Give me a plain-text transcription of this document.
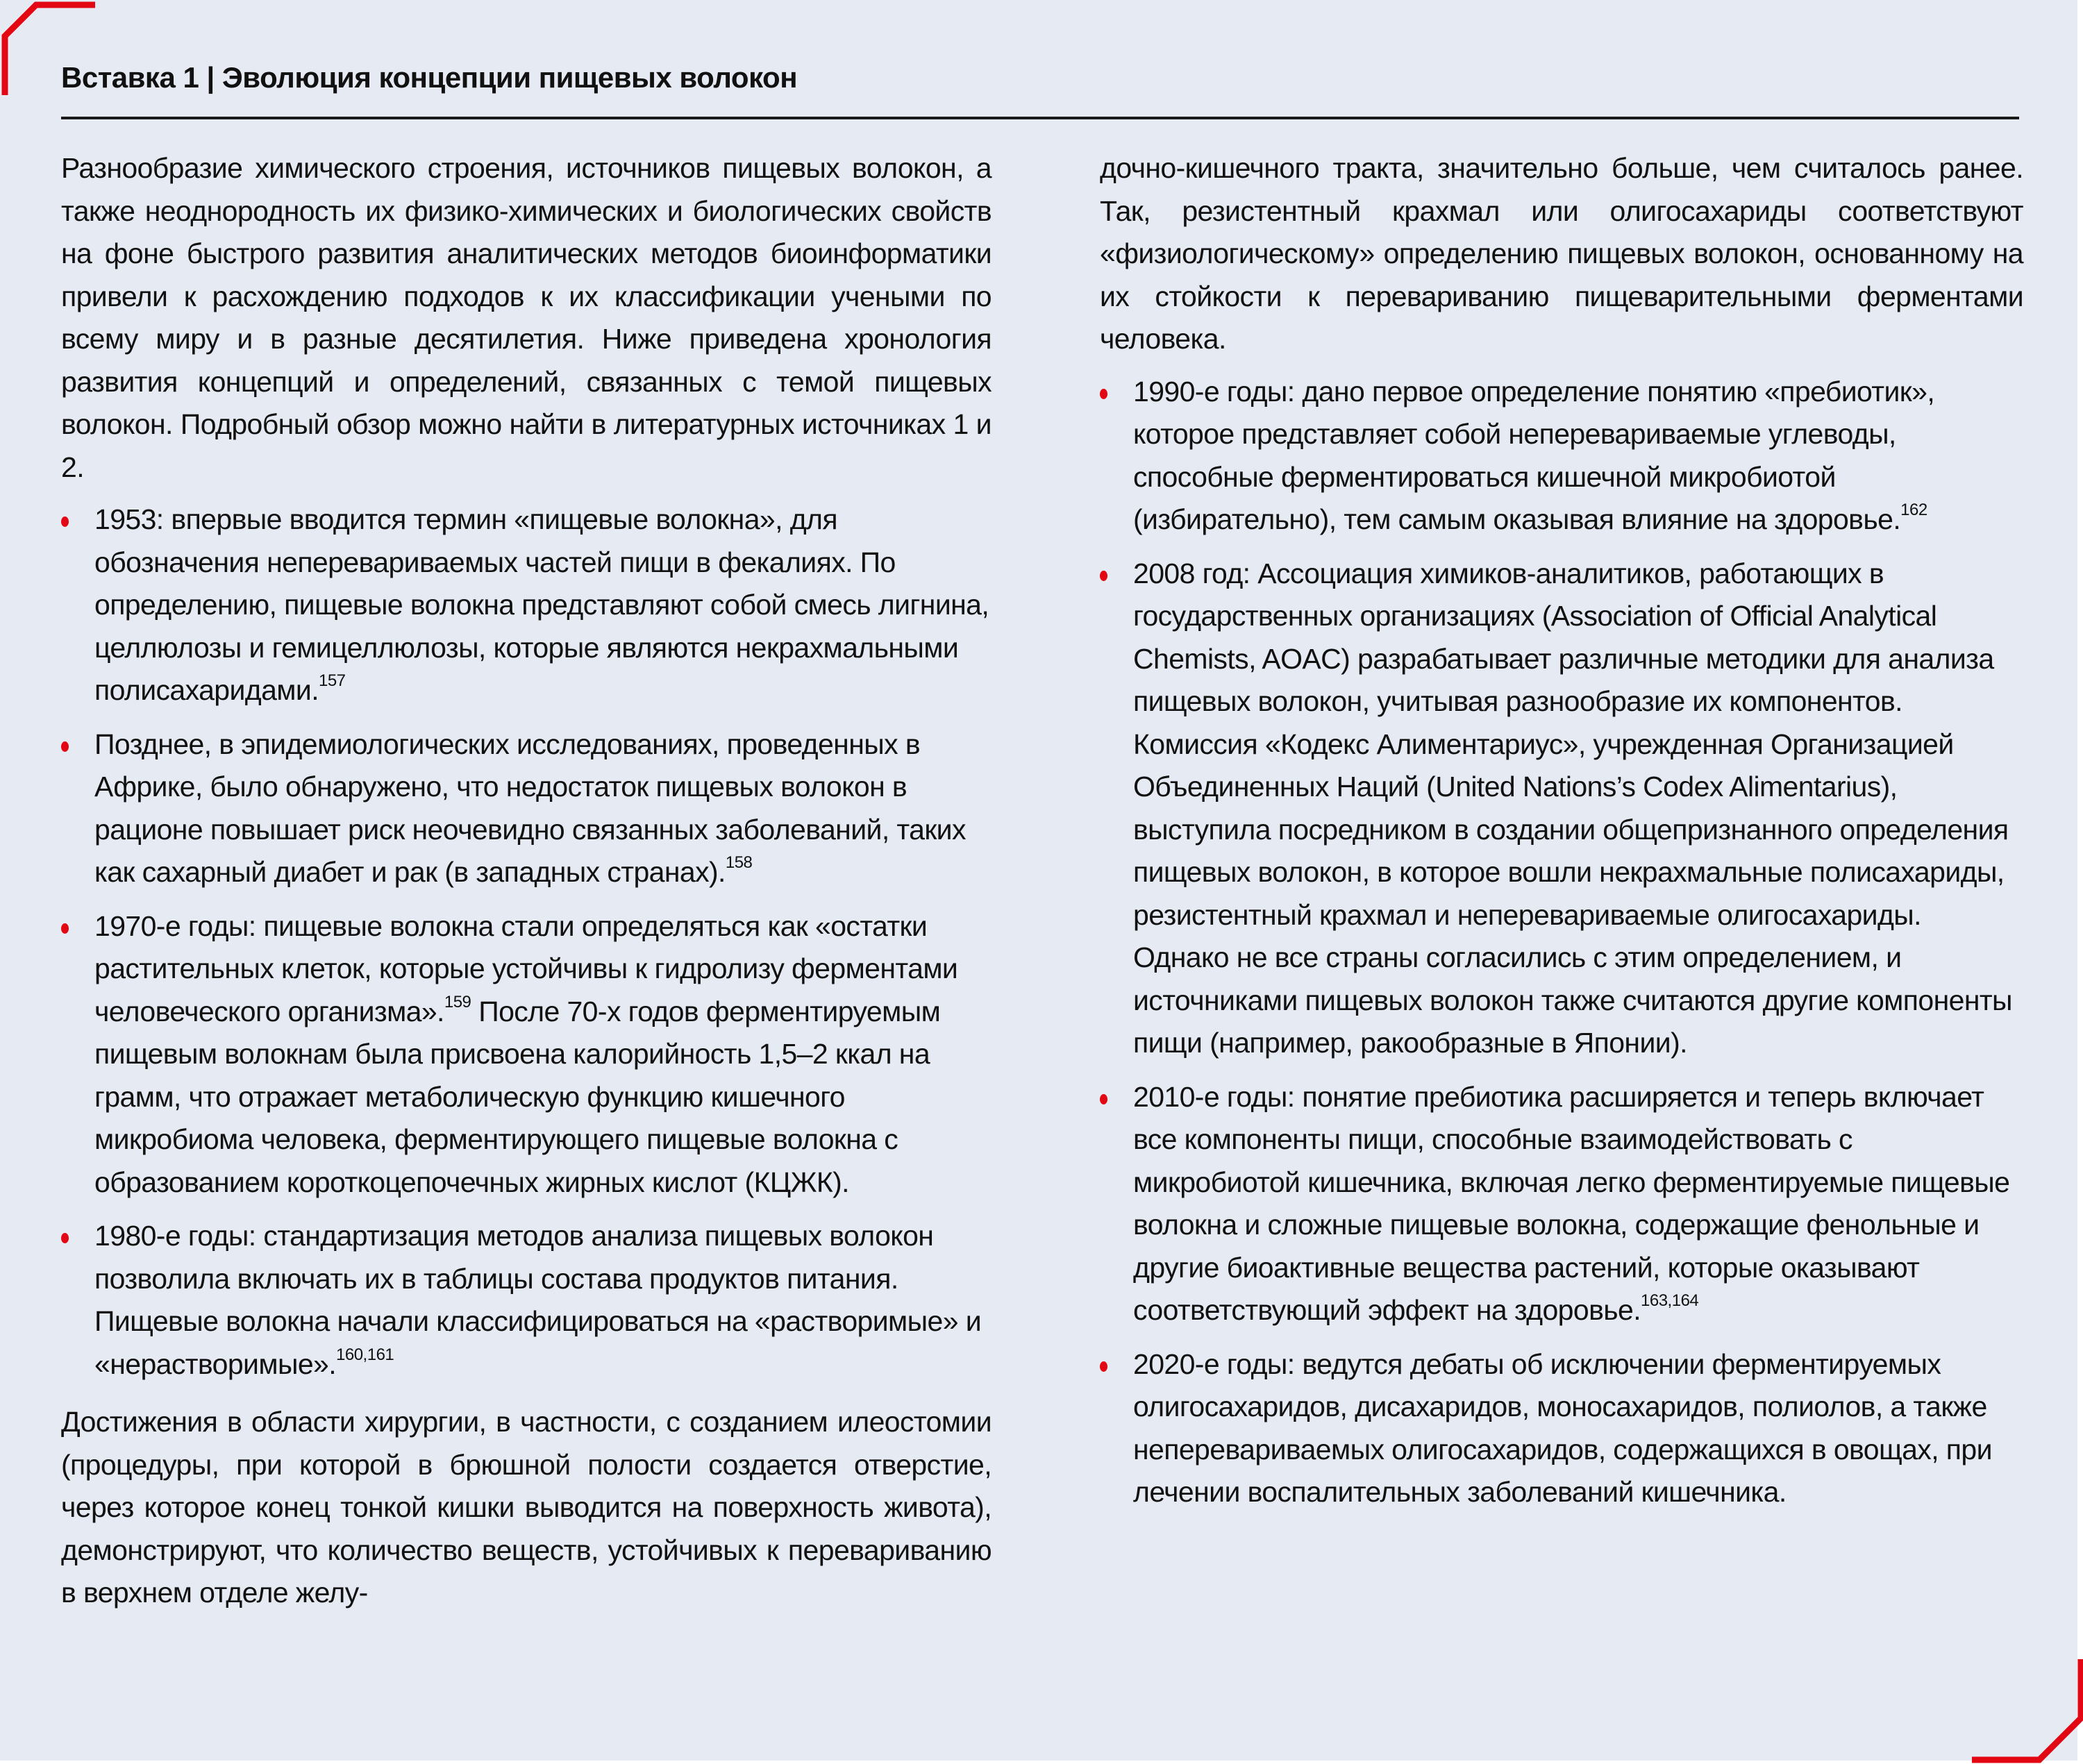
Вставка 1 | Эволюция концепции пищевых волокон

Разнообразие химического строения, источников пищевых волокон, а также неоднородность их физико-химических и биологических свойств на фоне быстрого развития аналитических методов биоинформатики привели к расхождению подходов к их классификации учеными по всему миру и в разные десятилетия. Ниже приведена хронология развития концепций и определений, связанных с темой пищевых волокон. Подробный обзор можно найти в литературных источниках 1 и 2.

1953: впервые вводится термин «пищевые волокна», для обозначения неперевариваемых частей пищи в фекалиях. По определению, пищевые волокна представляют собой смесь лигнина, целлюлозы и гемицеллюлозы, которые являются некрахмальными полисахаридами.$^{157}$
Позднее, в эпидемиологических исследованиях, проведенных в Африке, было обнаружено, что недостаток пищевых волокон в рационе повышает риск неочевидно связанных заболеваний, таких как сахарный диабет и рак (в западных странах).$^{158}$
1970-е годы: пищевые волокна стали определяться как «остатки растительных клеток, которые устойчивы к гидролизу ферментами человеческого организма».$^{159}$ После 70-х годов ферментируемым пищевым волокнам была присвоена калорийность 1,5–2 ккал на грамм, что отражает метаболическую функцию кишечного микробиома человека, ферментирующего пищевые волокна с образованием короткоцепочечных жирных кислот (КЦЖК).
1980-е годы: стандартизация методов анализа пищевых волокон позволила включать их в таблицы состава продуктов питания. Пищевые волокна начали классифицироваться на «растворимые» и «нерастворимые».$^{160,161}$

Достижения в области хирургии, в частности, с созданием илеостомии (процедуры, при которой в брюшной полости создается отверстие, через которое конец тонкой кишки выводится на поверхность живота), демонстрируют, что количество веществ, устойчивых к перевариванию в верхнем отделе желу-

дочно-кишечного тракта, значительно больше, чем считалось ранее. Так, резистентный крахмал или олигосахариды соответствуют «физиологическому» определению пищевых волокон, основанному на их стойкости к перевариванию пищеварительными ферментами человека.

1990-е годы: дано первое определение понятию «пребиотик», которое представляет собой неперевариваемые углеводы, способные ферментироваться кишечной микробиотой (избирательно), тем самым оказывая влияние на здоровье.$^{162}$
2008 год: Ассоциация химиков-аналитиков, работающих в государственных организациях (Association of Official Analytical Chemists, AOAC) разрабатывает различные методики для анализа пищевых волокон, учитывая разнообразие их компонентов. Комиссия «Кодекс Алиментариус», учрежденная Организацией Объединенных Наций (United Nations’s Codex Alimentarius), выступила посредником в создании общепризнанного определения пищевых волокон, в которое вошли некрахмальные полисахариды, резистентный крахмал и неперевариваемые олигосахариды. Однако не все страны согласились с этим определением, и источниками пищевых волокон также считаются другие компоненты пищи (например, ракообразные в Японии).
2010-е годы: понятие пребиотика расширяется и теперь включает все компоненты пищи, способные взаимодействовать с микробиотой кишечника, включая легко ферментируемые пищевые волокна и сложные пищевые волокна, содержащие фенольные и другие биоактивные вещества растений, которые оказывают соответствующий эффект на здоровье.$^{163,164}$
2020-е годы: ведутся дебаты об исключении ферментируемых олигосахаридов, дисахаридов, моносахаридов, полиолов, а также неперевариваемых олигосахаридов, содержащихся в овощах, при лечении воспалительных заболеваний кишечника.
